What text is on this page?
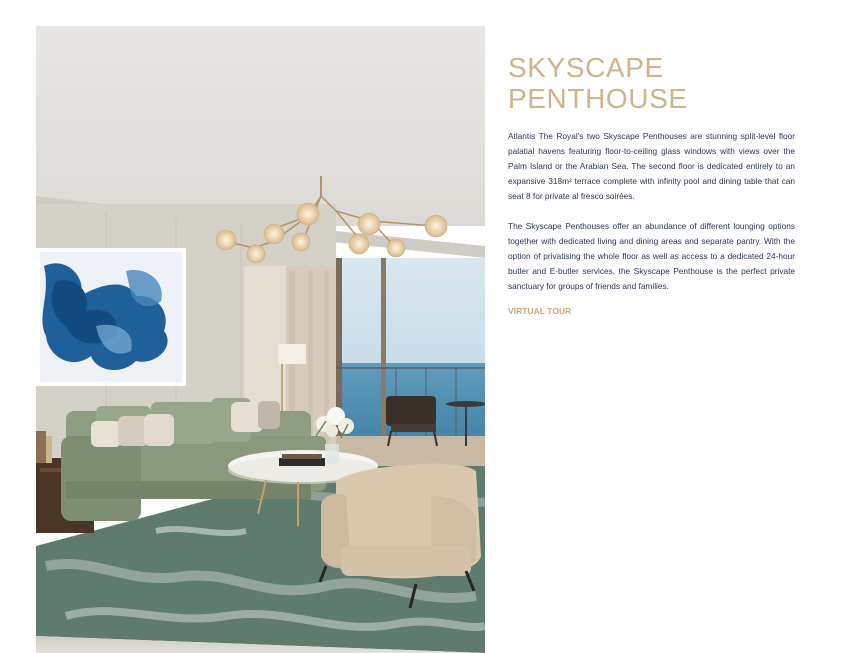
SKYSCAPE
PENTHOUSE

Atlantis The Royal's two Skyscape Penthouses are stunning split-level floor palatial havens featuring floor-to-ceiling glass windows with views over the Palm Island or the Arabian Sea. The second floor is dedicated entirely to an expansive 318m² terrace complete with infinity pool and dining table that can seat 8 for private al fresco soirées.

The Skyscape Penthouses offer an abundance of different lounging options together with dedicated living and dining areas and separate pantry. With the option of privatising the whole floor as well as access to a dedicated 24-hour butler and E-butler services, the Skyscape Penthouse is the perfect private sanctuary for groups of friends and families.

VIRTUAL TOUR
